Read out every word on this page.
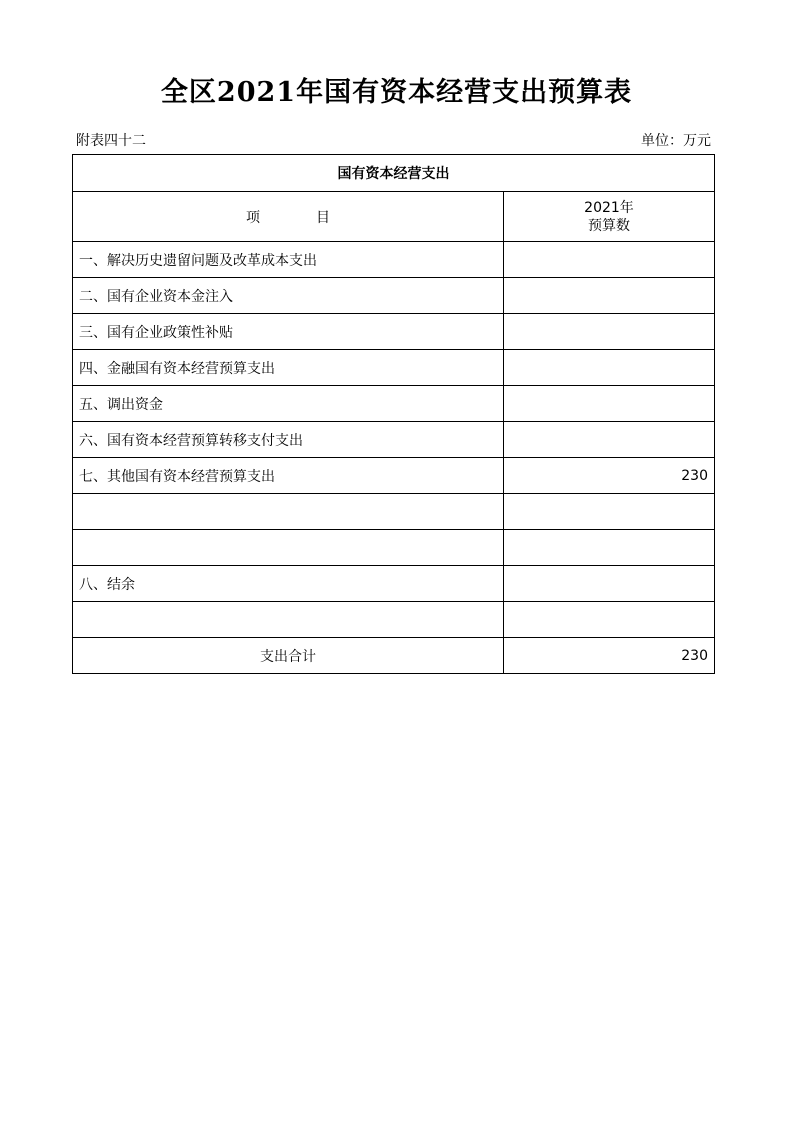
全区2021年国有资本经营支出预算表
附表四十二	单位：万元
国有资本经营支出	
项 目	2021年
预算数

一、解决历史遗留问题及改革成本支出	
二、国有企业资本金注入	
三、国有企业政策性补贴	
四、金融国有资本经营预算支出	
五、调出资金	
六、国有资本经营预算转移支付支出	
七、其他国有资本经营预算支出	230

八、结余	

支出合计	230
